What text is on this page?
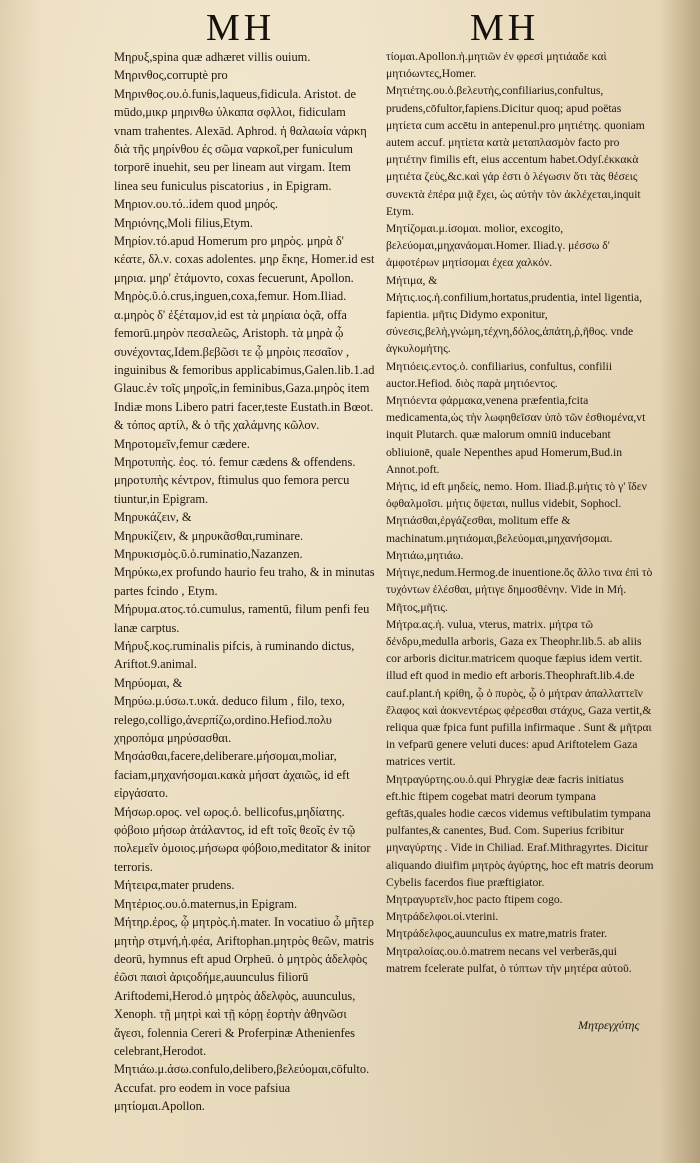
MH	MH
Μηρυξ,spina quæ adhæret villis ouium.
Μηρινθος,corruptè pro
Μηρινθος.ου.ὁ.funis,laqueus,fidicula. Aristot. de mūdo,μικρ μηρινθω ὑλκαπα σφλλοι, fidiculam vnam trahentes. Alexād. Aphrod. ἡ θαλαωία νάρκη διὰ τῆς μηρίνθου ἐς σῶμα ναρκοῖ,per funiculum torporē inuehit, seu per lineam aut virgam. Item linea seu funiculus piscatorius , in Epigram.
Μηριον.ου.τό..idem quod μηρός.
Μηριόνης,Moli filius,Etym.
Μηρίον.τό.apud Homerum pro μηρὸς. μηρὰ δ' κέατε, δλ.ν. coxas adolentes. μηρ ἔκηε, Homer.id est μηρια. μηρ' ἐτάμοντο, coxas fecuerunt, Apollon.
Μηρὸς.ῦ.ὁ.crus,inguen,coxa,femur. Hom.Iliad. α.μηρὸς δ' ἐξέταμον,id est τὰ μηρίαια ὀςᾶ, offa femorū.μηρὸν πεσαλεῶς, Aristoph. τὰ μηρὰ ᾧ συνέχοντας,Idem.βεβῶσι τε ᾧ μηρὸις πεσαῖον , inguinibus & femoribus applicabimus,Galen.lib.1.ad Glauc.ἐν τοῖς μηροῖς,in feminibus,Gaza.μηρὸς item Indiæ mons Libero patri facer,teste Eustath.in Bœot. & τόπος αρτίλ, & ὁ τῆς χαλάμνης κῶλον.
Μηροτομεῖν,femur cædere.
Μηροτυπὴς. ἐος. τό. femur cædens & offendens. μηροτυπὴς κέντρον, ftimulus quo femora percu tiuntur,in Epigram.
Μηρυκάζειν, &
Μηρυκίζειν, & μηρυκᾶσθαι,ruminare.
Μηρυκισμὸς.ῦ.ὁ.ruminatio,Nazanzen.
Μηρύκω,ex profundo haurio feu traho, & in minutas partes fcindo , Etym.
Μήρυμα.ατος.τό.cumulus, ramentū, filum penfi feu lanæ carptus.
Μήρυξ.κος.ruminalis pifcis, à ruminando dictus, Ariftot.9.animal.
Μηρύομαι, &
Μηρύω.μ.ύσω.τ.υκά. deduco filum , filo, texo, relego,colligo,ἀνερπίζω,ordino.Hefiod.πολυ χηροπόμα μηρύσασθαι.
Μησάσθαι,facere,deliberare.μήσομαι,moliar, faciam,μηχανήσομαι.κακὰ μήσατ ἀχαιῶς, id eft εἰργάσατο.
Μήσωρ.ορος. vel ωρος.ὁ. bellicofus,μηδίατης. φόβοιο μήσωρ ἀτάλαντος, id eft τοῖς θεοῖς ἐν τῷ πολεμεῖν ὁμοιος.μήσωρα φόβοιο,meditator & initor terroris.
Μήτειρα,mater prudens.
Μητέριος.ου.ὁ.maternus,in Epigram.
Μήτηρ.ἐρος, ᾧ μητρὸς.ἡ.mater. In vocatiuo ὦ μῆτερ μητὴρ στμνή,ἡ.φέα, Ariftophan.μητρὸς θεῶν, matris deorū, hymnus eft apud Orpheū. ὁ μητρὸς ἀδελφὸς ἐῶσι παισὶ ἀριςοδήμε,auunculus filiorū Ariftodemi,Herod.ὁ μητρὸς ἀδελφὸς, auunculus, Xenoph. τῇ μητρὶ καὶ τῇ κόρῃ ἑορτὴν ἀθηνῶσι ἄγεσι, folennia Cereri & Proferpinæ Athenienfes celebrant,Herodot.
Μητιάω.μ.άσω.confulo,delibero,βελεύομαι,cōfulto.Accufat. pro eodem in voce pafsiua μητίομαι.Apollon.
τίομαι.Apollon.ἡ.μητιῶν ἐν φρεσὶ μητιάαδε καὶ μητιόωντες,Homer.
Μητιέτης.ου.ὁ.βελευτὴς,confiliarius,confultus, prudens,cōfultor,fapiens.Dicitur quoq; apud poëtas μητίετα cum accētu in antepenul.pro μητιέτης. quoniam autem accuf. μητίετα κατὰ μεταπλασμὸν facto pro μητιέτην fimilis eft, eius accentum habet.Odyſ.ἐκκακὰ μητιέτα ζεὺς,&c.καὶ γάρ ἐστι ὁ λέγωσιν ὅτι τὰς θέσεις συνεκτὰ ἐπέρα μιᾷ ἔχει, ὡς αὐτὴν τὸν ἀκλέχεται,inquit Etym.
Μητίζομαι.μ.ίσομαι. molior, excogito, βελεύομαι,μηχανάομαι.Homer. Iliad.γ. μέσσω δ' ἀμφοτέρων μητίσομαι ἐχεα χαλκόν.
Μήτιμα, &
Μήτις.ιος.ἡ.confilium,hortatus,prudentia, intel ligentia, fapientia. μῆτις Didymo exponitur, σύνεσις,βελὴ,γνώμη,τέχνη,δόλος,ἀπάτη,ῥ,ῆθος. vnde ἀγκυλομήτης.
Μητιόεις.εντος.ὁ. confiliarius, confultus, confilii auctor.Hefiod. διὸς παρὰ μητιόεντος.
Μητιόεντα φάρμακα,venena præfentia,fcita medicamenta,ὡς τὴν λωφηθεῖσαν ὑπὸ τῶν ἐσθιομένα,vt inquit Plutarch. quæ malorum omniū inducebant obliuionē, quale Nepenthes apud Homerum,Bud.in Annot.poft.
Μήτις, id eft μηδείς, nemo. Hom. Iliad.β.μήτις τὸ γ' ἴδεν ὀφθαλμοῖσι. μήτις ὄψεται, nullus videbit, Sophocl.
Μητιάσθαι,ἐργάζεσθαι, molitum effe & machinatum.μητιάομαι,βελεύομαι,μηχανήσομαι.
Μητιάω,μητιάω.
Μήτιγε,nedum.Hermog.de inuentione.ὅς ἄλλο τινα ἐπὶ τὸ τυχόντων ἑλέσθαι, μήτιγε δημοσθένην. Vide in Μή.
Μῆτος,μῆτις.
Μήτρα.ας.ἡ. vulua, vterus, matrix. μήτρα τῶ δένδρυ,medulla arboris, Gaza ex Theophr.lib.5. ab aliis cor arboris dicitur.matricem quoque fæpius idem vertit. illud eft quod in medio eft arboris.Theophraft.lib.4.de cauf.plant.ἡ κρίθη, ᾧ ὁ πυρὸς, ᾧ ὁ μήτραν ἀπαλλαττεῖν ἔλαφος καὶ ἀοκνεντέρως φέρεσθαι στάχυς, Gaza vertit,& reliqua quæ fpica funt pufilla infirmaque . Sunt & μῆτραι in vefparū genere veluti duces: apud Ariftotelem Gaza matrices vertit.
Μητραγύρτης.ου.ὁ.qui Phrygiæ deæ facris initiatus eft.hic ftipem cogebat matri deorum tympana geftās,quales hodie cæcos videmus veftibulatim tympana pulfantes,& canentes, Bud. Com. Superius fcribitur μηναγύρτης . Vide in Chiliad. Eraf.Mithragyrtes. Dicitur aliquando diuifim μητρὸς ἀγύρτης, hoc eft matris deorum Cybelis facerdos fiue præftigiator.
Μητραγυρτεῖν,hoc pacto ftipem cogo.
Μητράδελφοι.οἱ.vterini.
Μητράδελφος,auunculus ex matre,matris frater.
Μητραλοίας.ου.ὁ.matrem necans vel verberās,qui matrem fcelerate pulfat, ὁ τύπτων τὴν μητέρα αὐτοῦ.
Μητρεγχύτης
